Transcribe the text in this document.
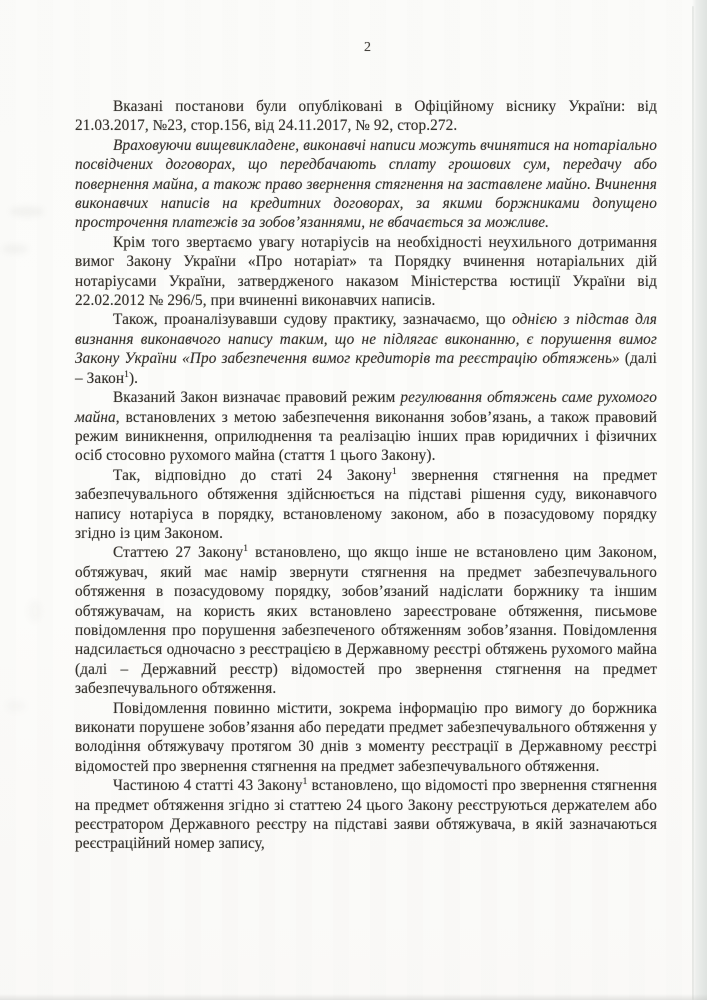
2

Вказані постанови були опубліковані в Офіційному віснику України: від 21.03.2017, №23, стор.156, від 24.11.2017, № 92, стор.272.

Враховуючи вищевикладене, виконавчі написи можуть вчинятися на нотаріально посвідчених договорах, що передбачають сплату грошових сум, передачу або повернення майна, а також право звернення стягнення на заставлене майно. Вчинення виконавчих написів на кредитних договорах, за якими боржниками допущено прострочення платежів за зобов’язаннями, не вбачається за можливе.

Крім того звертаємо увагу нотаріусів на необхідності неухильного дотримання вимог Закону України «Про нотаріат» та Порядку вчинення нотаріальних дій нотаріусами України, затвердженого наказом Міністерства юстиції України від 22.02.2012 № 296/5, при вчиненні виконавчих написів.

Також, проаналізувавши судову практику, зазначаємо, що однією з підстав для визнання виконавчого напису таким, що не підлягає виконанню, є порушення вимог Закону України «Про забезпечення вимог кредиторів та реєстрацію обтяжень» (далі – Закон$^1$).

Вказаний Закон визначає правовий режим регулювання обтяжень саме рухомого майна, встановлених з метою забезпечення виконання зобов’язань, а також правовий режим виникнення, оприлюднення та реалізацію інших прав юридичних і фізичних осіб стосовно рухомого майна (стаття 1 цього Закону).

Так, відповідно до статі 24 Закону$^1$ звернення стягнення на предмет забезпечувального обтяження здійснюється на підставі рішення суду, виконавчого напису нотаріуса в порядку, встановленому законом, або в позасудовому порядку згідно із цим Законом.

Статтею 27 Закону$^1$ встановлено, що якщо інше не встановлено цим Законом, обтяжувач, який має намір звернути стягнення на предмет забезпечувального обтяження в позасудовому порядку, зобов’язаний надіслати боржнику та іншим обтяжувачам, на користь яких встановлено зареєстроване обтяження, письмове повідомлення про порушення забезпеченого обтяженням зобов’язання. Повідомлення надсилається одночасно з реєстрацією в Державному реєстрі обтяжень рухомого майна (далі – Державний реєстр) відомостей про звернення стягнення на предмет забезпечувального обтяження.

Повідомлення повинно містити, зокрема інформацію про вимогу до боржника виконати порушене зобов’язання або передати предмет забезпечувального обтяження у володіння обтяжувачу протягом 30 днів з моменту реєстрації в Державному реєстрі відомостей про звернення стягнення на предмет забезпечувального обтяження.

Частиною 4 статті 43 Закону$^1$ встановлено, що відомості про звернення стягнення на предмет обтяження згідно зі статтею 24 цього Закону реєструються держателем або реєстратором Державного реєстру на підставі заяви обтяжувача, в якій зазначаються реєстраційний номер запису,
